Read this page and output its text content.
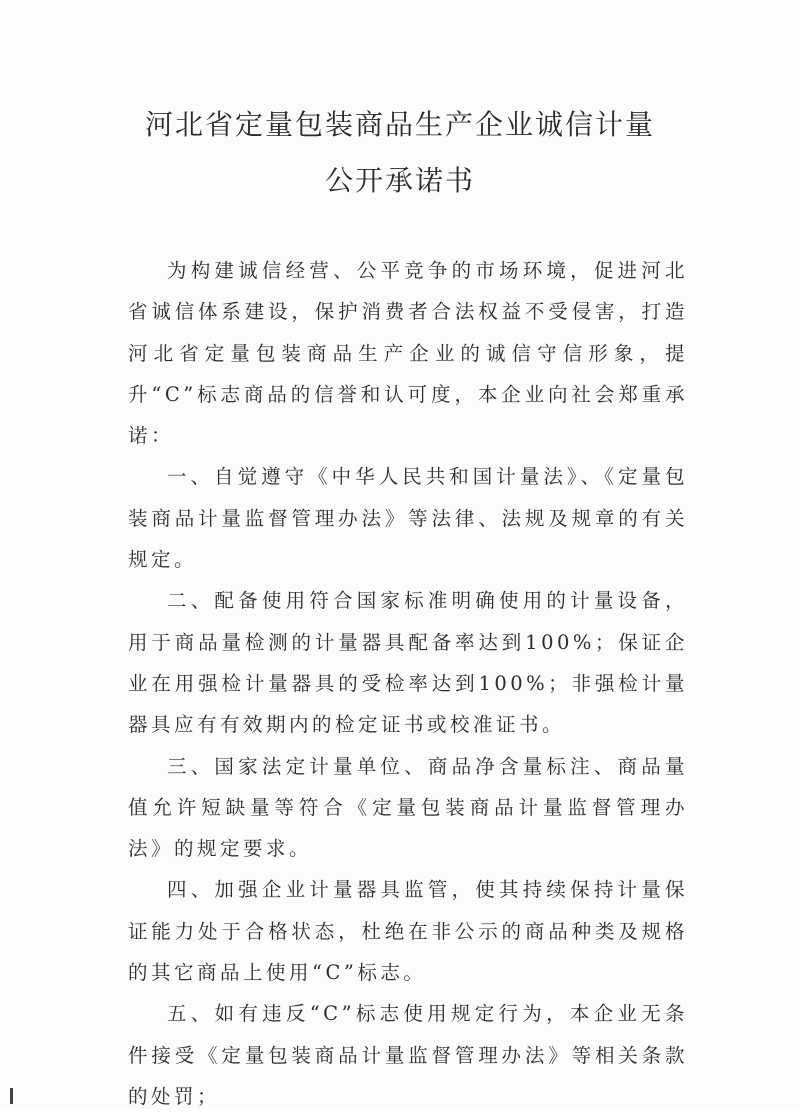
河北省定量包装商品生产企业诚信计量
公开承诺书

为构建诚信经营、公平竞争的市场环境，促进河北省诚信体系建设，保护消费者合法权益不受侵害，打造河北省定量包装商品生产企业的诚信守信形象，提升“C”标志商品的信誉和认可度，本企业向社会郑重承诺：

一、自觉遵守《中华人民共和国计量法》、《定量包装商品计量监督管理办法》等法律、法规及规章的有关规定。

二、配备使用符合国家标准明确使用的计量设备，用于商品量检测的计量器具配备率达到100%；保证企业在用强检计量器具的受检率达到100%；非强检计量器具应有有效期内的检定证书或校准证书。

三、国家法定计量单位、商品净含量标注、商品量值允许短缺量等符合《定量包装商品计量监督管理办法》的规定要求。

四、加强企业计量器具监管，使其持续保持计量保证能力处于合格状态，杜绝在非公示的商品种类及规格的其它商品上使用“C”标志。

五、如有违反“C”标志使用规定行为，本企业无条件接受《定量包装商品计量监督管理办法》等相关条款的处罚；
